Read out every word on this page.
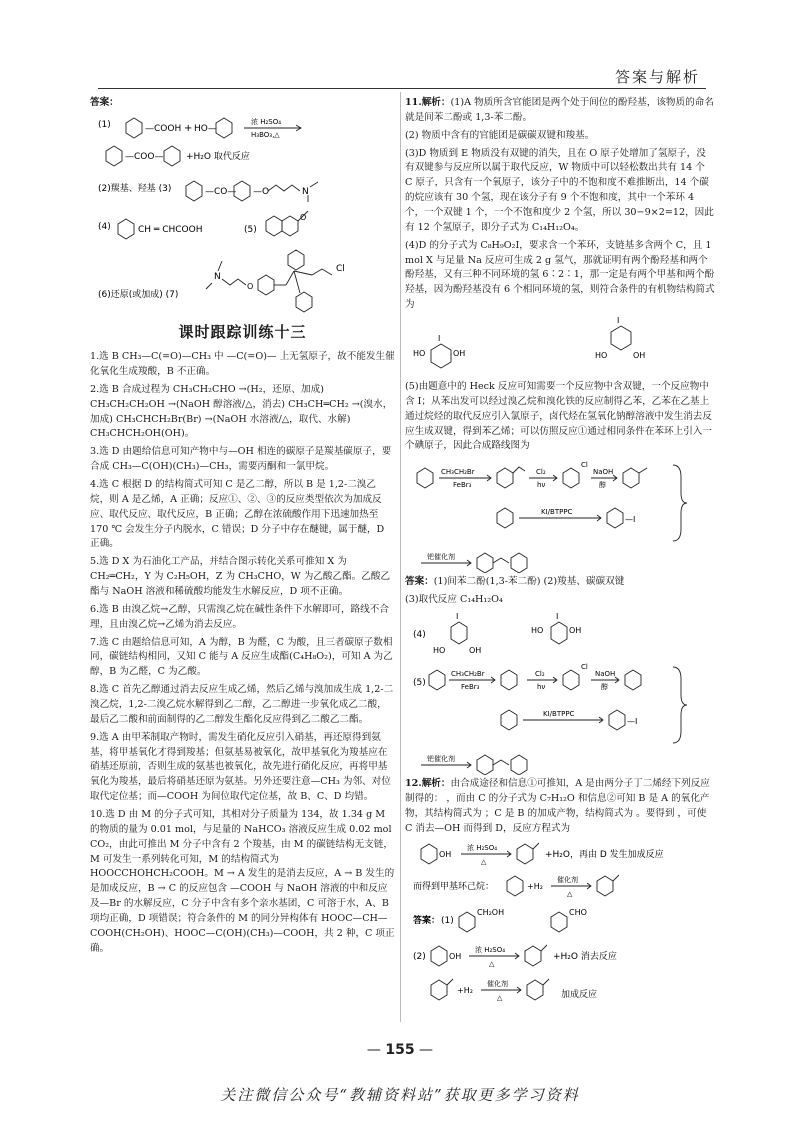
答案与解析
答案：
(1)	—COOH + HO—
浓 H₂SO₄
H₃BO₃,△
—COO—	+H₂O 取代反应
(2)羰基、羟基 (3)	—CO— —O	N
(4)	CH ═ CHCOOH	(5)
O
(6)还原(或加成) (7)
N
O
Cl
课时跟踪训练十三
1.选 B CH₃—C(=O)—CH₃ 中 —C(=O)— 上无氢原子，故不能发生催化氧化生成羧酸，B 不正确。
2.选 B 合成过程为 CH₃CH₂CHO →(H₂，还原、加成) CH₃CH₂CH₂OH →(NaOH 醇溶液/△，消去) CH₃CH═CH₂ →(溴水，加成) CH₃CHCH₂Br(Br) →(NaOH 水溶液/△，取代、水解) CH₃CHCH₂OH(OH)。
3.选 D 由题给信息可知产物中与—OH 相连的碳原子是羰基碳原子，要合成 CH₃—C(OH)(CH₃)—CH₃，需要丙酮和一氯甲烷。
4.选 C 根据 D 的结构简式可知 C 是乙二醇，所以 B 是 1,2-二溴乙烷，则 A 是乙烯，A 正确；反应①、②、③的反应类型依次为加成反应、取代反应、取代反应，B 正确；乙醇在浓硫酸作用下迅速加热至 170 ℃ 会发生分子内脱水，C 错误；D 分子中存在醚键，属于醚，D 正确。
5.选 D X 为石油化工产品，并结合图示转化关系可推知 X 为 CH₂═CH₂，Y 为 C₂H₅OH，Z 为 CH₃CHO，W 为乙酸乙酯。乙酸乙酯与 NaOH 溶液和稀硫酸均能发生水解反应，D 项不正确。
6.选 B 由溴乙烷→乙醇，只需溴乙烷在碱性条件下水解即可，路线不合理，且由溴乙烷→乙烯为消去反应。
7.选 C 由题给信息可知，A 为醇，B 为醛，C 为酸，且三者碳原子数相同，碳链结构相同，又知 C 能与 A 反应生成酯(C₄H₈O₂)，可知 A 为乙醇，B 为乙醛，C 为乙酸。
8.选 C 首先乙醇通过消去反应生成乙烯，然后乙烯与溴加成生成 1,2-二溴乙烷，1,2-二溴乙烷水解得到乙二醇，乙二醇进一步氧化成乙二酸，最后乙二酸和前面制得的乙二醇发生酯化反应得到乙二酸乙二酯。
9.选 A 由甲苯制取产物时，需发生硝化反应引入硝基，再还原得到氨基，将甲基氧化才得到羧基；但氨基易被氧化，故甲基氧化为羧基应在硝基还原前，否则生成的氨基也被氧化，故先进行硝化反应，再将甲基氧化为羧基，最后将硝基还原为氨基。另外还要注意—CH₃ 为邻、对位取代定位基；而—COOH 为间位取代定位基，故 B、C、D 均错。
10.选 D 由 M 的分子式可知，其相对分子质量为 134，故 1.34 g M 的物质的量为 0.01 mol，与足量的 NaHCO₃ 溶液反应生成 0.02 mol CO₂，由此可推出 M 分子中含有 2 个羧基，由 M 的碳链结构无支链，M 可发生一系列转化可知，M 的结构简式为 HOOCCHOHCH₂COOH。M → A 发生的是消去反应，A → B 发生的是加成反应，B → C 的反应包含 —COOH 与 NaOH 溶液的中和反应及—Br 的水解反应，C 分子中含有多个亲水基团，C 可溶于水，A、B 项均正确，D 项错误；符合条件的 M 的同分异构体有 HOOC—CH—COOH(CH₂OH)、HOOC—C(OH)(CH₃)—COOH，共 2 种，C 项正确。
11.解析：(1)A 物质所含官能团是两个处于间位的酚羟基，该物质的命名就是间苯二酚或 1,3-苯二酚。
(2) 物质中含有的官能团是碳碳双键和羧基。
(3)D 物质到 E 物质没有双键的消失，且在 O 原子处增加了氢原子，没有双键参与反应所以属于取代反应，W 物质中可以轻松数出共有 14 个 C 原子，只含有一个氧原子，该分子中的不饱和度不难推断出，14 个碳的烷应该有 30 个氢，现在该分子有 9 个不饱和度，其中一个苯环 4 个，一个双键 1 个，一个不饱和度少 2 个氢，所以 30−9×2=12，因此有 12 个氢原子，即分子式为 C₁₄H₁₂O₄。
(4)D 的分子式为 C₈H₉O₂I，要求含一个苯环，支链基多含两个 C，且 1 mol X 与足量 Na 反应可生成 2 g 氢气，那就证明有两个酚羟基和两个酚羟基，又有三种不同环境的氢 6∶2∶1，那一定是有两个甲基和两个酚羟基，因为酚羟基没有 6 个相同环境的氢，则符合条件的有机物结构简式为
I
HO	OH
I
HO	OH
(5)由题意中的 Heck 反应可知需要一个反应物中含双键，一个反应物中含 I；从苯出发可以经过溴乙烷和溴化铁的反应制得乙苯，乙苯在乙基上通过烷烃的取代反应引入氯原子，卤代烃在氢氧化钠醇溶液中发生消去反应生成双键，得到苯乙烯；可以仿照反应①通过相同条件在苯环上引入一个碘原子，因此合成路线图为
CH₃CH₂Br
FeBr₃
Cl₂
hν
Cl
NaOH
醇
KI/BTPPC
—I
钯催化剂
答案：(1)间苯二酚(1,3-苯二酚) (2)羧基、碳碳双键
(3)取代反应 C₁₄H₁₂O₄
(4)
I
HO	OH
I
HO	OH
(5)
CH₃CH₂Br
FeBr₃
Cl₂
hν
Cl
NaOH
醇
KI/BTPPC
—I
钯催化剂
12.解析：由合成途径和信息①可推知，A 是由两分子丁二烯经下列反应制得的： ，而由 C 的分子式为 C₇H₁₂O 和信息②可知 B 是 A 的氧化产物，其结构简式为 ；C 是 B 的加成产物，结构简式为 。要得到 ，可使 C 消去—OH 而得到 D，反应方程式为
OH
浓 H₂SO₄
△
+H₂O，再由 D 发生加成反应
而得到甲基环己烷：	+H₂
催化剂
△
答案： (1)
CH₂OH	CHO
(2)	OH
浓 H₂SO₄
△
+H₂O 消去反应
+H₂
催化剂
△	加成反应
— 155 —
关注微信公众号“教辅资料站”获取更多学习资料
